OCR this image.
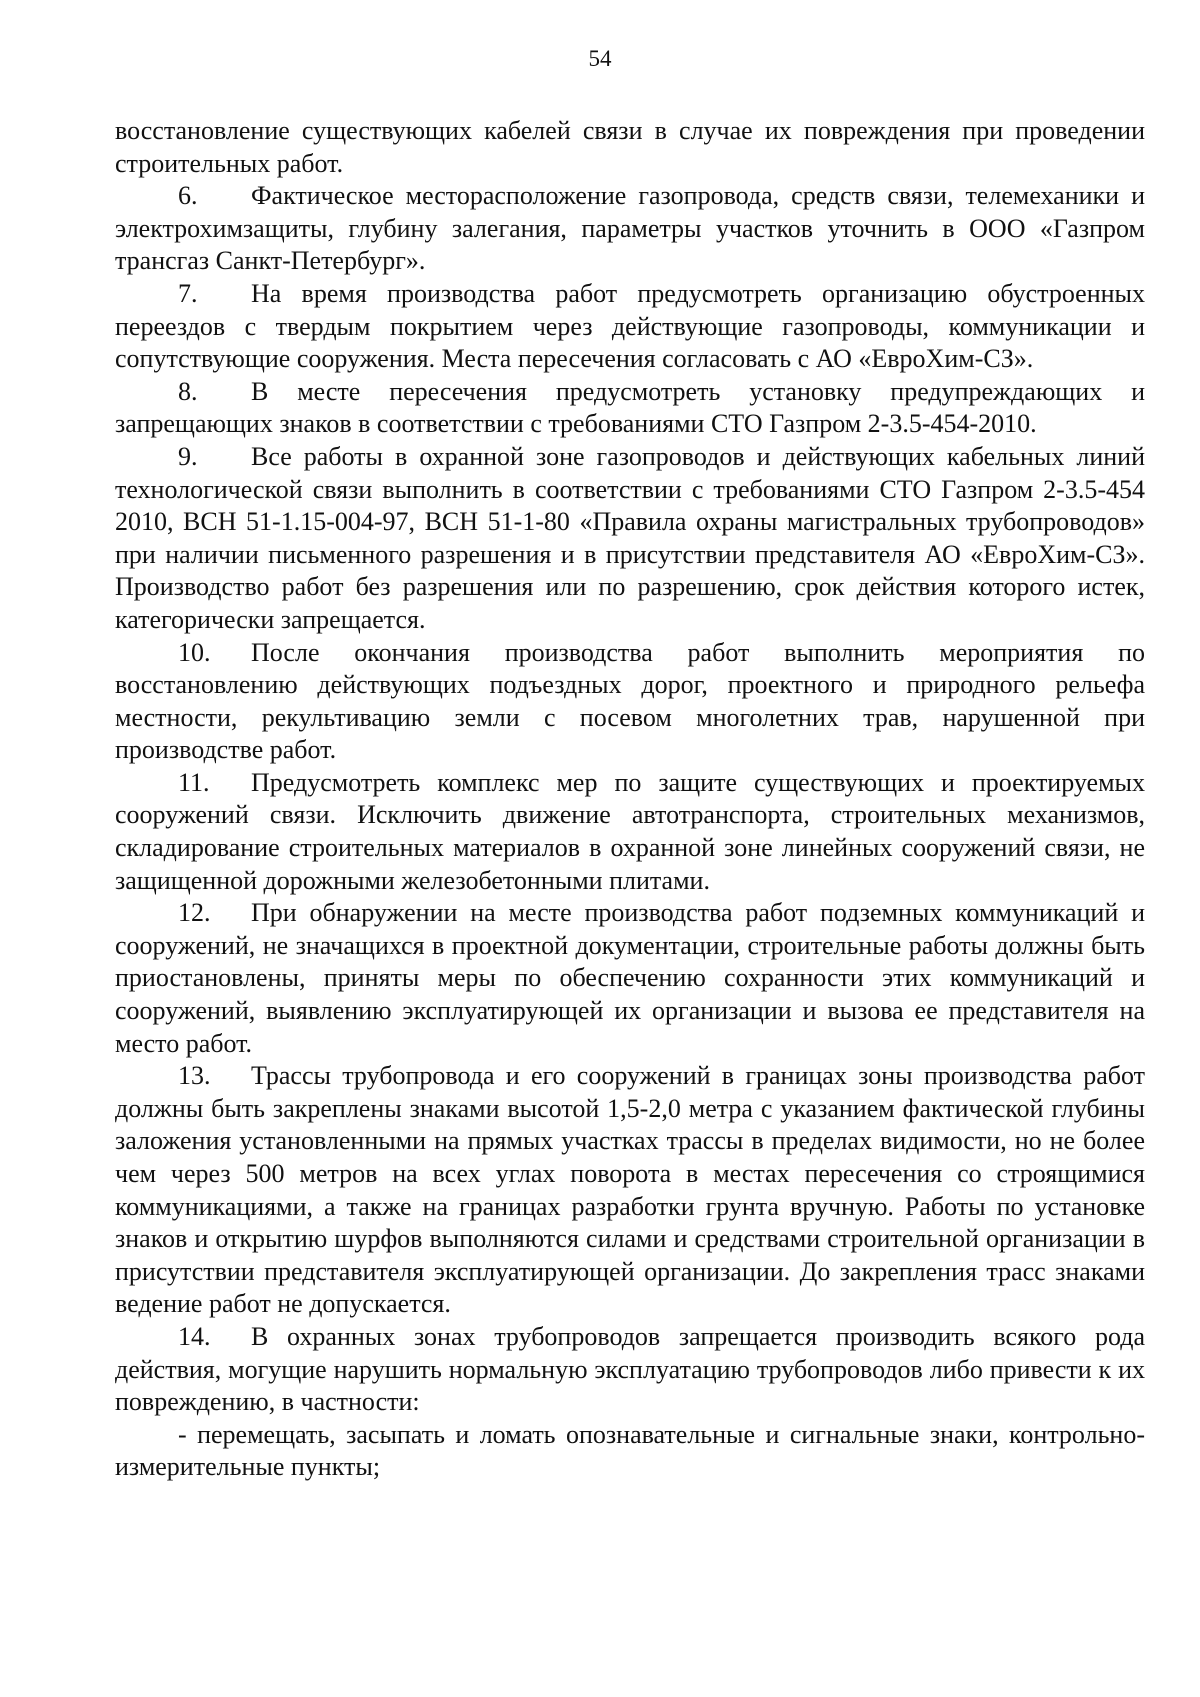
54

восстановление существующих кабелей связи в случае их повреждения при проведении строительных работ.

6. Фактическое месторасположение газопровода, средств связи, телемеханики и электрохимзащиты, глубину залегания, параметры участков уточнить в ООО «Газпром трансгаз Санкт-Петербург».

7. На время производства работ предусмотреть организацию обустроенных переездов с твердым покрытием через действующие газопроводы, коммуникации и сопутствующие сооружения. Места пересечения согласовать с АО «ЕвроХим-СЗ».

8. В месте пересечения предусмотреть установку предупреждающих и запрещающих знаков в соответствии с требованиями СТО Газпром 2-3.5-454-2010.

9. Все работы в охранной зоне газопроводов и действующих кабельных линий технологической связи выполнить в соответствии с требованиями СТО Газпром 2-3.5-454 2010, ВСН 51-1.15-004-97, ВСН 51-1-80 «Правила охраны магистральных трубопроводов» при наличии письменного разрешения и в присутствии представителя АО «ЕвроХим-СЗ». Производство работ без разрешения или по разрешению, срок действия которого истек, категорически запрещается.

10. После окончания производства работ выполнить мероприятия по восстановлению действующих подъездных дорог, проектного и природного рельефа местности, рекультивацию земли с посевом многолетних трав, нарушенной при производстве работ.

11. Предусмотреть комплекс мер по защите существующих и проектируемых сооружений связи. Исключить движение автотранспорта, строительных механизмов, складирование строительных материалов в охранной зоне линейных сооружений связи, не защищенной дорожными железобетонными плитами.

12. При обнаружении на месте производства работ подземных коммуникаций и сооружений, не значащихся в проектной документации, строительные работы должны быть приостановлены, приняты меры по обеспечению сохранности этих коммуникаций и сооружений, выявлению эксплуатирующей их организации и вызова ее представителя на место работ.

13. Трассы трубопровода и его сооружений в границах зоны производства работ должны быть закреплены знаками высотой 1,5-2,0 метра с указанием фактической глубины заложения установленными на прямых участках трассы в пределах видимости, но не более чем через 500 метров на всех углах поворота в местах пересечения со строящимися коммуникациями, а также на границах разработки грунта вручную. Работы по установке знаков и открытию шурфов выполняются силами и средствами строительной организации в присутствии представителя эксплуатирующей организации. До закрепления трасс знаками ведение работ не допускается.

14. В охранных зонах трубопроводов запрещается производить всякого рода действия, могущие нарушить нормальную эксплуатацию трубопроводов либо привести к их повреждению, в частности:

- перемещать, засыпать и ломать опознавательные и сигнальные знаки, контрольно-измерительные пункты;
